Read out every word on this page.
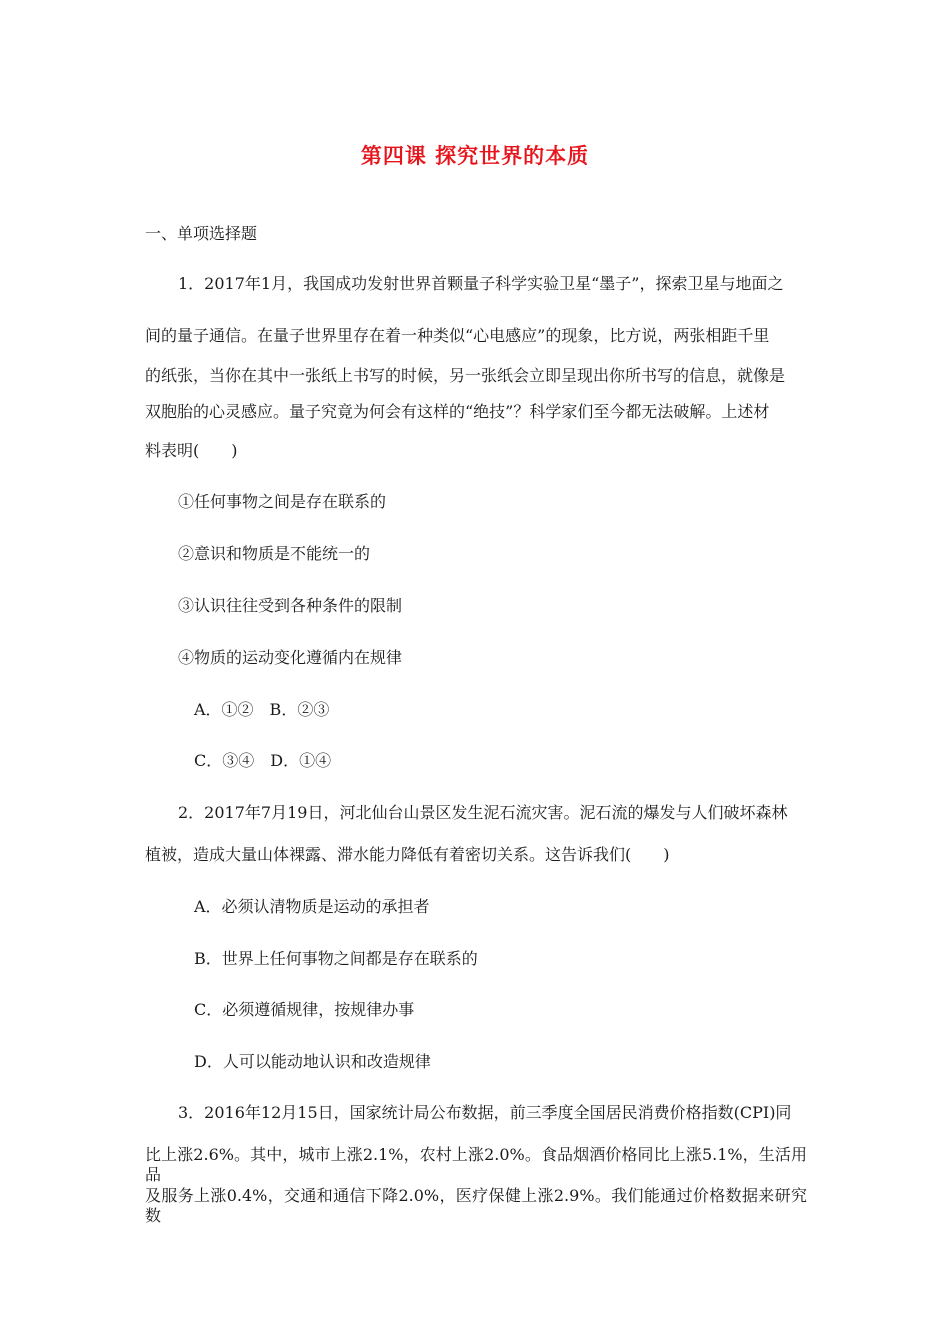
第四课 探究世界的本质
一、单项选择题
1．2017年1月，我国成功发射世界首颗量子科学实验卫星“墨子”，探索卫星与地面之
间的量子通信。在量子世界里存在着一种类似“心电感应”的现象，比方说，两张相距千里
的纸张，当你在其中一张纸上书写的时候，另一张纸会立即呈现出你所书写的信息，就像是
双胞胎的心灵感应。量子究竟为何会有这样的“绝技”？科学家们至今都无法破解。上述材
料表明(　　)
①任何事物之间是存在联系的
②意识和物质是不能统一的
③认识往往受到各种条件的限制
④物质的运动变化遵循内在规律
A．①②　B．②③
C．③④　D．①④
2．2017年7月19日，河北仙台山景区发生泥石流灾害。泥石流的爆发与人们破坏森林
植被，造成大量山体裸露、滞水能力降低有着密切关系。这告诉我们(　　)
A．必须认清物质是运动的承担者
B．世界上任何事物之间都是存在联系的
C．必须遵循规律，按规律办事
D．人可以能动地认识和改造规律
3．2016年12月15日，国家统计局公布数据，前三季度全国居民消费价格指数(CPI)同
比上涨2.6%。其中，城市上涨2.1%，农村上涨2.0%。食品烟酒价格同比上涨5.1%，生活用品
及服务上涨0.4%，交通和通信下降2.0%，医疗保健上涨2.9%。我们能通过价格数据来研究数
